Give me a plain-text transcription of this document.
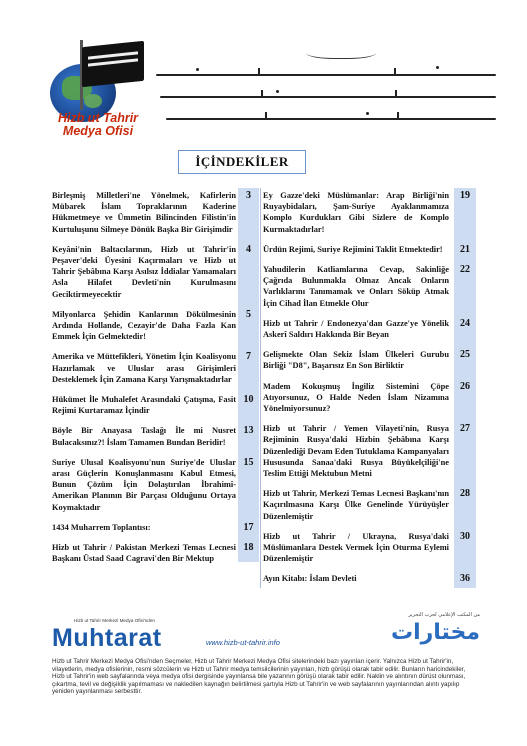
Hizb ut Tahrir
Medya Ofisi
İÇİNDEKİLER
Birleşmiş Milletleri'ne Yönelmek, Kafirlerin Mübarek İslam Topraklarının Kaderine Hükmetmeye ve Ümmetin Bilincinden Filistin'in Kurtuluşunu Silmeye Dönük Başka Bir Girişimdir
3
Keyâni'nin Baltacılarının, Hizb ut Tahrir'in Peşaver'deki Üyesini Kaçırmaları ve Hizb ut Tahrir Şebâbına Karşı Asılsız İddialar Yamamaları Asla Hilafet Devleti'nin Kurulmasını Geciktirmeyecektir
4
Milyonlarca Şehidin Kanlarının Dökülmesinin Ardında Hollande, Cezayir'de Daha Fazla Kan Emmek İçin Gelmektedir!
5
Amerika ve Müttefikleri, Yönetim İçin Koalisyonu Hazırlamak ve Uluslar arası Girişimleri Desteklemek İçin Zamana Karşı Yarışmaktadırlar
7
Hükümet İle Muhalefet Arasındaki Çatışma, Fasit Rejimi Kurtaramaz İçindir
10
Böyle Bir Anayasa Taslağı İle mi Nusret Bulacaksınız?! İslam Tamamen Bundan Beridir!
13
Suriye Ulusal Koalisyonu'nun Suriye'de Uluslar arası Güçlerin Konuşlanmasını Kabul Etmesi, Bunun Çözüm İçin Dolaştırılan İbrahimî-Amerikan Planının Bir Parçası Olduğunu Ortaya Koymaktadır
15
1434 Muharrem Toplantısı:	17
Hizb ut Tahrir / Pakistan Merkezi Temas Lecnesi Başkanı Üstad Saad Cagravi'den Bir Mektup
18
Ey Gazze'deki Müslümanlar: Arap Birliği'nin Ruyaybidaları, Şam-Suriye Ayaklanmamıza Komplo Kurdukları Gibi Sizlere de Komplo Kurmaktadırlar!
19
Ürdün Rejimi, Suriye Rejimini Taklit Etmektedir!	21
Yahudilerin Katliamlarına Cevap, Sakinliğe Çağrıda Bulunmakla Olmaz Ancak Onların Varlıklarını Tanımamak ve Onları Söküp Atmak İçin Cihad İlan Etmekle Olur
22
Hizb ut Tahrir / Endonezya'dan Gazze'ye Yönelik Askerî Saldırı Hakkında Bir Beyan
24
Gelişmekte Olan Sekiz İslam Ülkeleri Gurubu Birliği "D8", Başarısız En Son Birliktir
25
Madem Kokuşmuş İngiliz Sistemini Çöpe Atıyorsunuz, O Halde Neden İslam Nizamına Yönelmiyorsunuz?
26
Hizb ut Tahrir / Yemen Vilayeti'nin, Rusya Rejiminin Rusya'daki Hizbin Şebâbına Karşı Düzenlediği Devam Eden Tutuklama Kampanyaları Hususunda Sanaa'daki Rusya Büyükelçiliği'ne Teslim Ettiği Mektubun Metni
27
Hizb ut Tahrir, Merkezi Temas Lecnesi Başkanı'nın Kaçırılmasına Karşı Ülke Genelinde Yürüyüşler Düzenlemiştir
28
Hizb ut Tahrir / Ukrayna, Rusya'daki Müslümanlara Destek Vermek İçin Oturma Eylemi Düzenlemiştir
30
Ayın Kitabı: İslam Devleti	36
Hizb ut Tahrir Merkezi Medya Ofisi'nden
Muhtarat	www.hizb-ut-tahrir.info
من المكتب الإعلامي لحزب التحرير
مختارات
Hizb ut Tahrir Merkezi Medya Ofisi'nden Seçmeler, Hizb ut Tahrir Merkezi Medya Ofisi sitelerindeki bazı yayınları içerir. Yalnızca Hizb ut Tahrir'in, vilayetlerin, medya ofislerinin, resmi sözcülerin ve Hizb ut Tahrir medya temsilcilerinin yayınları, hizb görüşü olarak tabir edilir. Bunların haricindekiler, Hizb ut Tahrir'in web sayfalarında veya medya ofisi dergisinde yayınlansa bile yazarının görüşü olarak tabir edilir. Naklin ve alıntının dürüst olunması, çıkartma, tevil ve değişiklik yapılmaması ve nakledilen kaynağın belirtilmesi şartıyla Hizb ut Tahrir'in ve web sayfalarının yayınlarından alıntı yapılıp yeniden yayınlanması serbesttir.
